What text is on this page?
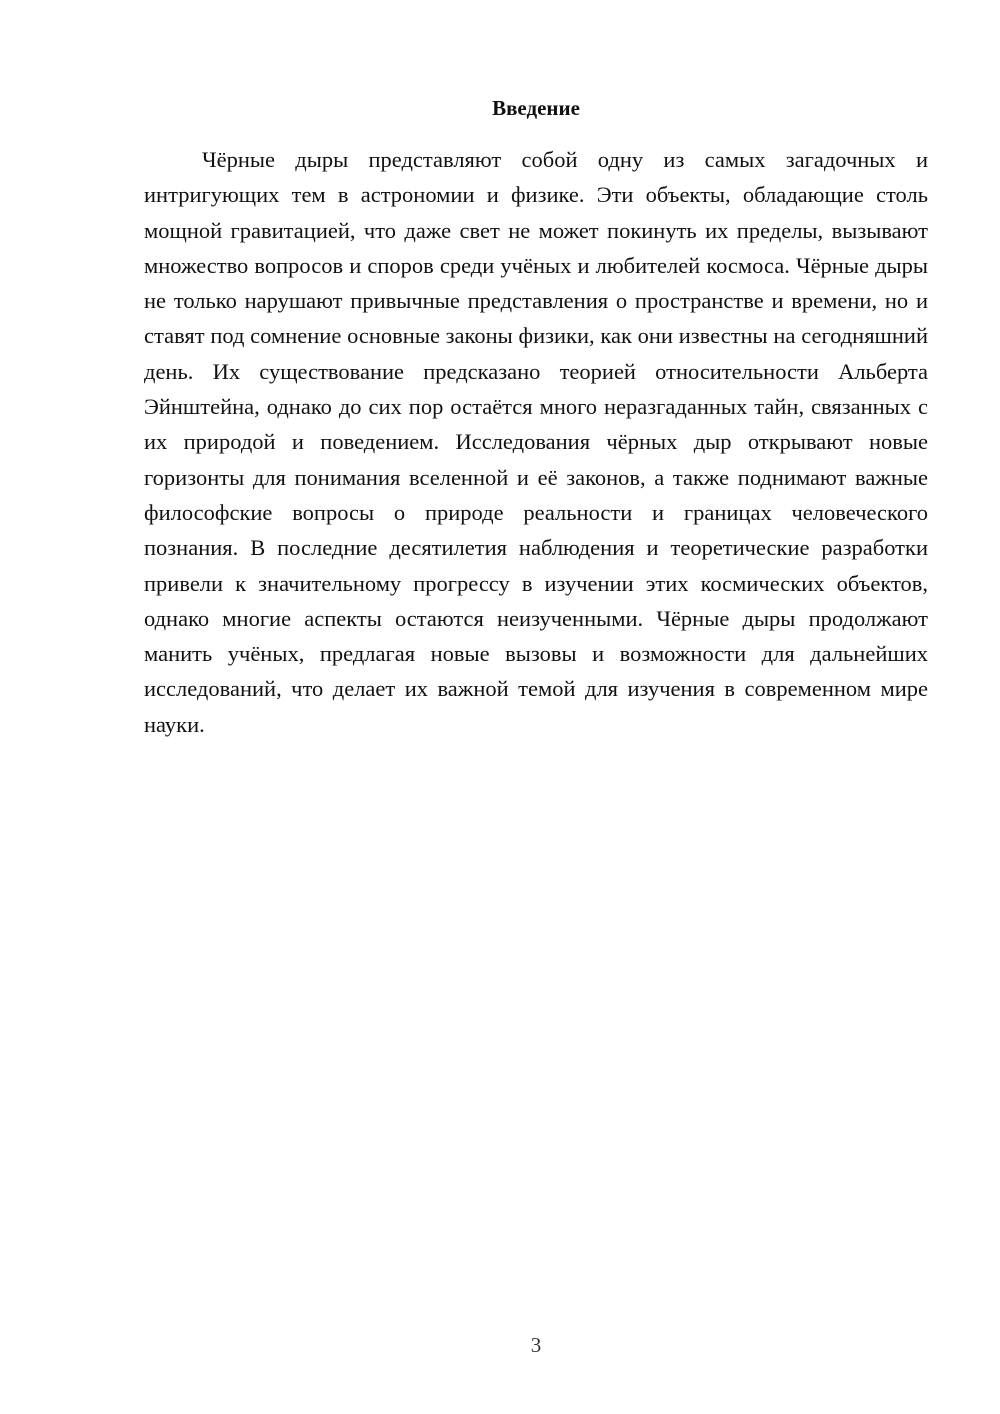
Введение

Чёрные дыры представляют собой одну из самых загадочных и интригующих тем в астрономии и физике. Эти объекты, обладающие столь мощной гравитацией, что даже свет не может покинуть их пределы, вызывают множество вопросов и споров среди учёных и любителей космоса. Чёрные дыры не только нарушают привычные представления о пространстве и времени, но и ставят под сомнение основные законы физики, как они известны на сегодняшний день. Их существование предсказано теорией относительности Альберта Эйнштейна, однако до сих пор остаётся много неразгаданных тайн, связанных с их природой и поведением. Исследования чёрных дыр открывают новые горизонты для понимания вселенной и её законов, а также поднимают важные философские вопросы о природе реальности и границах человеческого познания. В последние десятилетия наблюдения и теоретические разработки привели к значительному прогрессу в изучении этих космических объектов, однако многие аспекты остаются неизученными. Чёрные дыры продолжают манить учёных, предлагая новые вызовы и возможности для дальнейших исследований, что делает их важной темой для изучения в современном мире науки.

3
